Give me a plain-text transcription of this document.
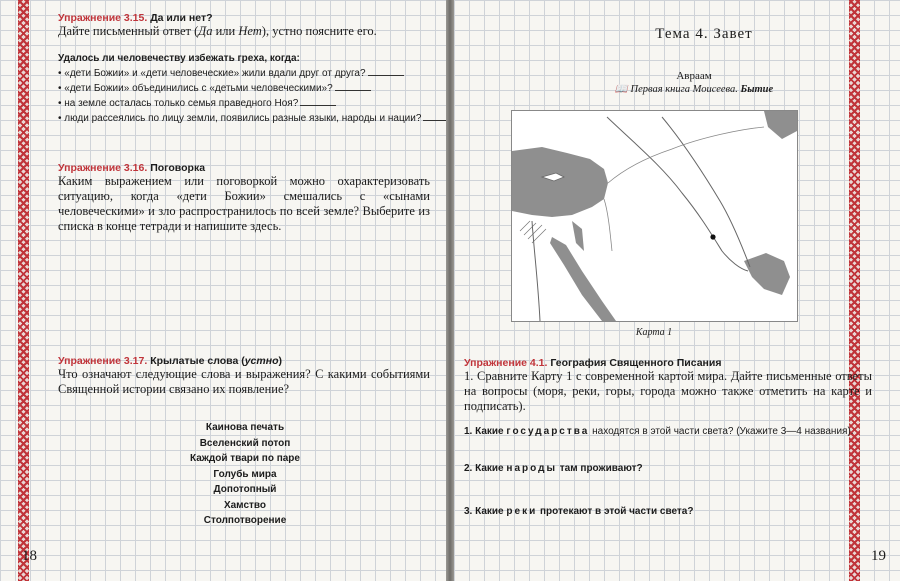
Упражнение 3.15. Да или нет?
Дайте письменный ответ (Да или Нет), устно поясните его.
Удалось ли человечеству избежать греха, когда:
• «дети Божии» и «дети человеческие» жили вдали друг от друга?
• «дети Божии» объединились с «детьми человеческими»?
• на земле осталась только семья праведного Ноя?
• люди рассеялись по лицу земли, появились разные языки, народы и нации?
Упражнение 3.16. Поговорка
Каким выражением или поговоркой можно охарактеризовать ситуацию, когда «дети Божии» смешались с «сынами человеческими» и зло распространилось по всей земле? Выберите из списка в конце тетради и напишите здесь.
Упражнение 3.17. Крылатые слова (устно)
Что означают следующие слова и выражения? С какими событиями Священной истории связано их появление?
Каинова печать
Вселенский потоп
Каждой твари по паре
Голубь мира
Допотопный
Хамство
Столпотворение
18
Тема 4. Завет
Авраам
📖 Первая книга Моисеева. Бытие
Карта 1
Упражнение 4.1. География Священного Писания
1. Сравните Карту 1 с современной картой мира. Дайте письменные ответы на вопросы (моря, реки, горы, города можно также отметить на карте и подписать).
1. Какие государства находятся в этой части света? (Укажите 3—4 названия).
2. Какие народы там проживают?
3. Какие реки протекают в этой части света?
19
